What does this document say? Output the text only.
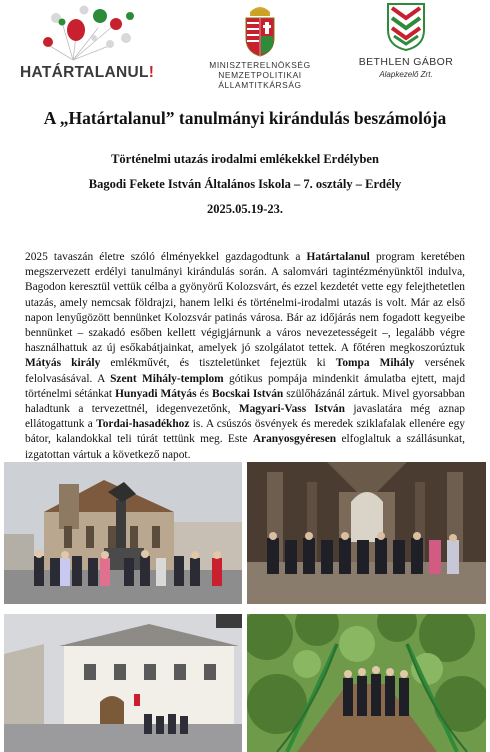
HATÁRTALANUL!	MINISZTERELNÖKSÉG
NEMZETPOLITIKAI ÁLLAMTITKÁRSÁG
BETHLEN GÁBOR
Alapkezelő Zrt.
A „Határtalanul” tanulmányi kirándulás beszámolója

Történelmi utazás irodalmi emlékekkel Erdélyben

Bagodi Fekete István Általános Iskola – 7. osztály – Erdély

2025.05.19-23.

2025 tavaszán életre szóló élményekkel gazdagodtunk a Határtalanul program keretében megszervezett erdélyi tanulmányi kirándulás során. A salomvári tagintézményünktől indulva, Bagodon keresztül vettük célba a gyönyörű Kolozsvárt, és ezzel kezdetét vette egy felejthetetlen utazás, amely nemcsak földrajzi, hanem lelki és történelmi-irodalmi utazás is volt. Már az első napon lenyűgözött bennünket Kolozsvár patinás városa. Bár az időjárás nem fogadott kegyeibe bennünket – szakadó esőben kellett végigjárnunk a város nevezetességeit –, legalább végre használhattuk az új esőkabátjainkat, amelyek jó szolgálatot tettek. A főtéren megkoszorúztuk Mátyás király emlékművét, és tiszteletünket fejeztük ki Tompa Mihály versének felolvasásával. A Szent Mihály-templom gótikus pompája mindenkit ámulatba ejtett, majd történelmi sétánkat Hunyadi Mátyás és Bocskai István szülőházánál zártuk. Mivel gyorsabban haladtunk a tervezettnél, idegenvezetőnk, Magyari-Vass István javaslatára még aznap ellátogattunk a Tordai-hasadékhoz is. A csúszós ösvények és meredek sziklafalak ellenére egy bátor, kalandokkal teli túrát tettünk meg. Este Aranyosgyéresen elfoglaltuk a szállásunkat, izgatottan vártuk a következő napot.
